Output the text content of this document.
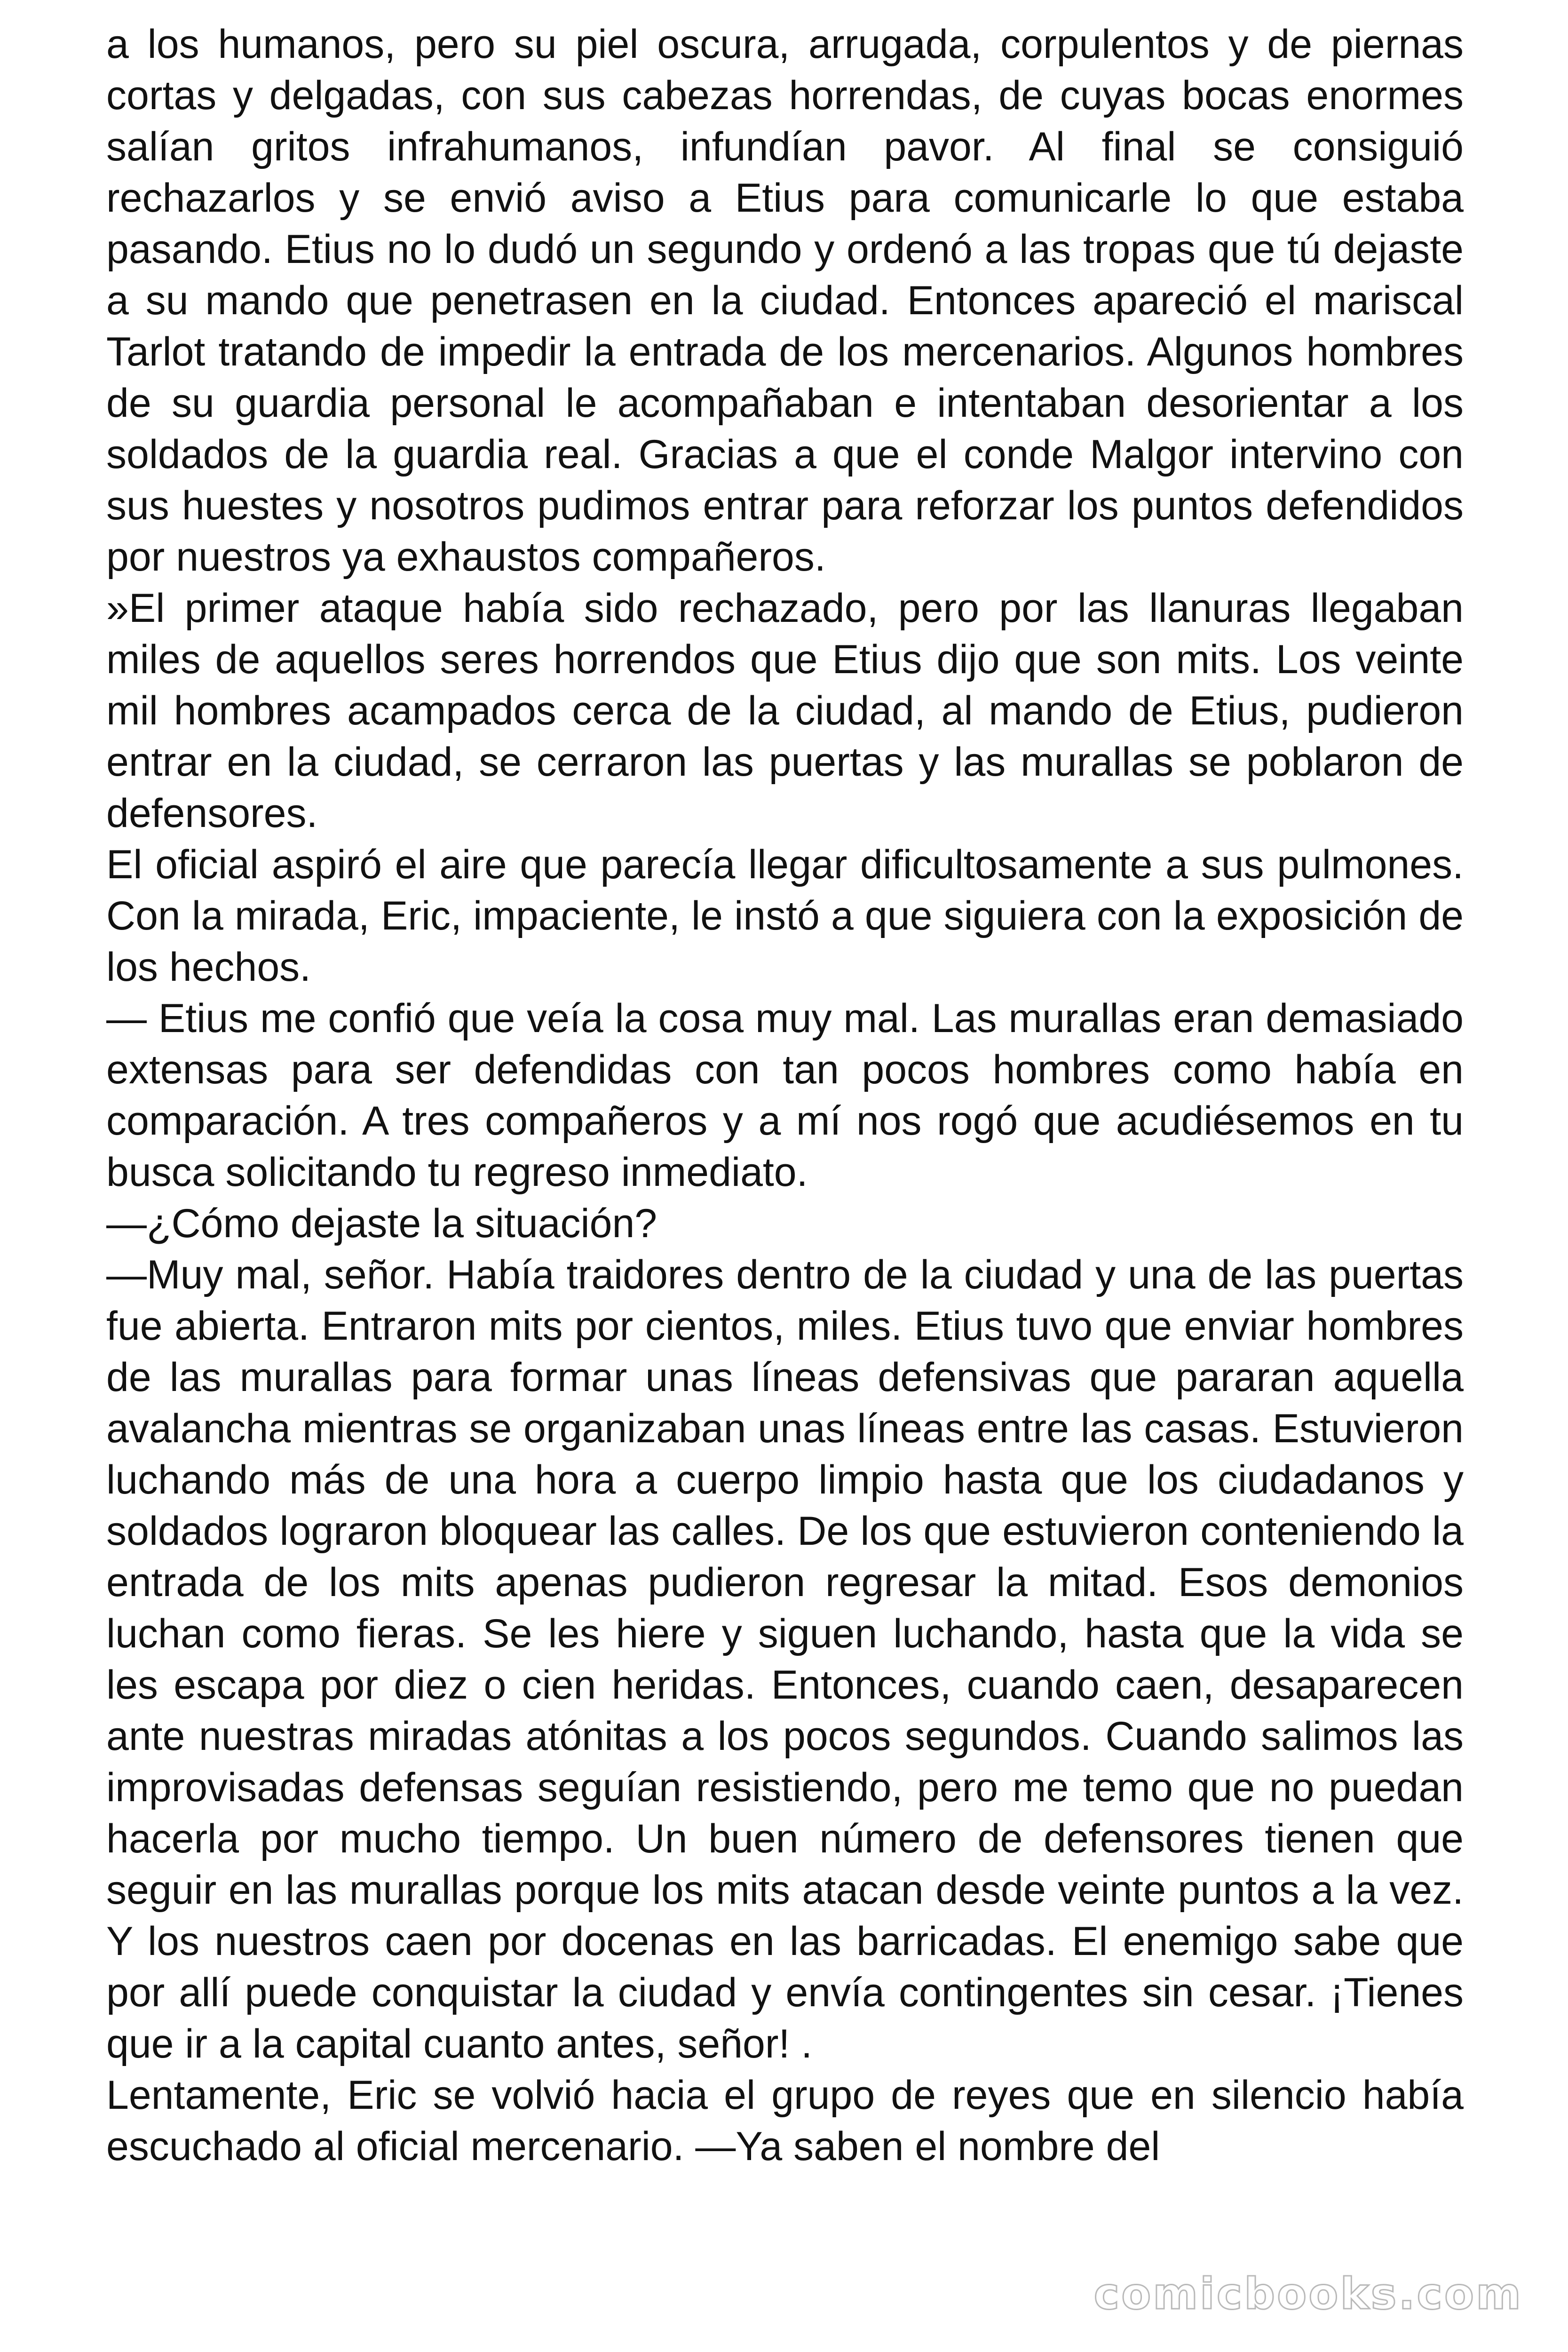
a los humanos, pero su piel oscura, arrugada, corpulentos y de piernas cortas y delgadas, con sus cabezas horrendas, de cuyas bocas enormes salían gritos infrahumanos, infundían pavor. Al final se consiguió rechazarlos y se envió aviso a Etius para comunicarle lo que estaba pasando. Etius no lo dudó un segundo y ordenó a las tropas que tú dejaste a su mando que penetrasen en la ciudad. Entonces apareció el mariscal Tarlot tratando de impedir la entrada de los mercenarios. Algunos hombres de su guardia personal le acompañaban e intentaban desorientar a los soldados de la guardia real. Gracias a que el conde Malgor intervino con sus huestes y nosotros pudimos entrar para reforzar los puntos defendidos por nuestros ya exhaustos compañeros.

»El primer ataque había sido rechazado, pero por las llanuras llegaban miles de aquellos seres horrendos que Etius dijo que son mits. Los veinte mil hombres acampados cerca de la ciudad, al mando de Etius, pudieron entrar en la ciudad, se cerraron las puertas y las murallas se poblaron de defensores.

El oficial aspiró el aire que parecía llegar dificultosamente a sus pulmones. Con la mirada, Eric, impaciente, le instó a que siguiera con la exposición de los hechos.

— Etius me confió que veía la cosa muy mal. Las murallas eran demasiado extensas para ser defendidas con tan pocos hombres como había en comparación. A tres compañeros y a mí nos rogó que acudiésemos en tu busca solicitando tu regreso inmediato.

—¿Cómo dejaste la situación?

—Muy mal, señor. Había traidores dentro de la ciudad y una de las puertas fue abierta. Entraron mits por cientos, miles. Etius tuvo que enviar hombres de las murallas para formar unas líneas defensivas que pararan aquella avalancha mientras se organizaban unas líneas entre las casas. Estuvieron luchando más de una hora a cuerpo limpio hasta que los ciudadanos y soldados lograron bloquear las calles. De los que estuvieron conteniendo la entrada de los mits apenas pudieron regresar la mitad. Esos demonios luchan como fieras. Se les hiere y siguen luchando, hasta que la vida se les escapa por diez o cien heridas. Entonces, cuando caen, desaparecen ante nuestras miradas atónitas a los pocos segundos. Cuando salimos las improvisadas defensas seguían resistiendo, pero me temo que no puedan hacerla por mucho tiempo. Un buen número de defensores tienen que seguir en las murallas porque los mits atacan desde veinte puntos a la vez. Y los nuestros caen por docenas en las barricadas. El enemigo sabe que por allí puede conquistar la ciudad y envía contingentes sin cesar. ¡Tienes que ir a la capital cuanto antes, señor! .

Lentamente, Eric se volvió hacia el grupo de reyes que en silencio había escuchado al oficial mercenario. —Ya saben el nombre del

comicbooks.com
